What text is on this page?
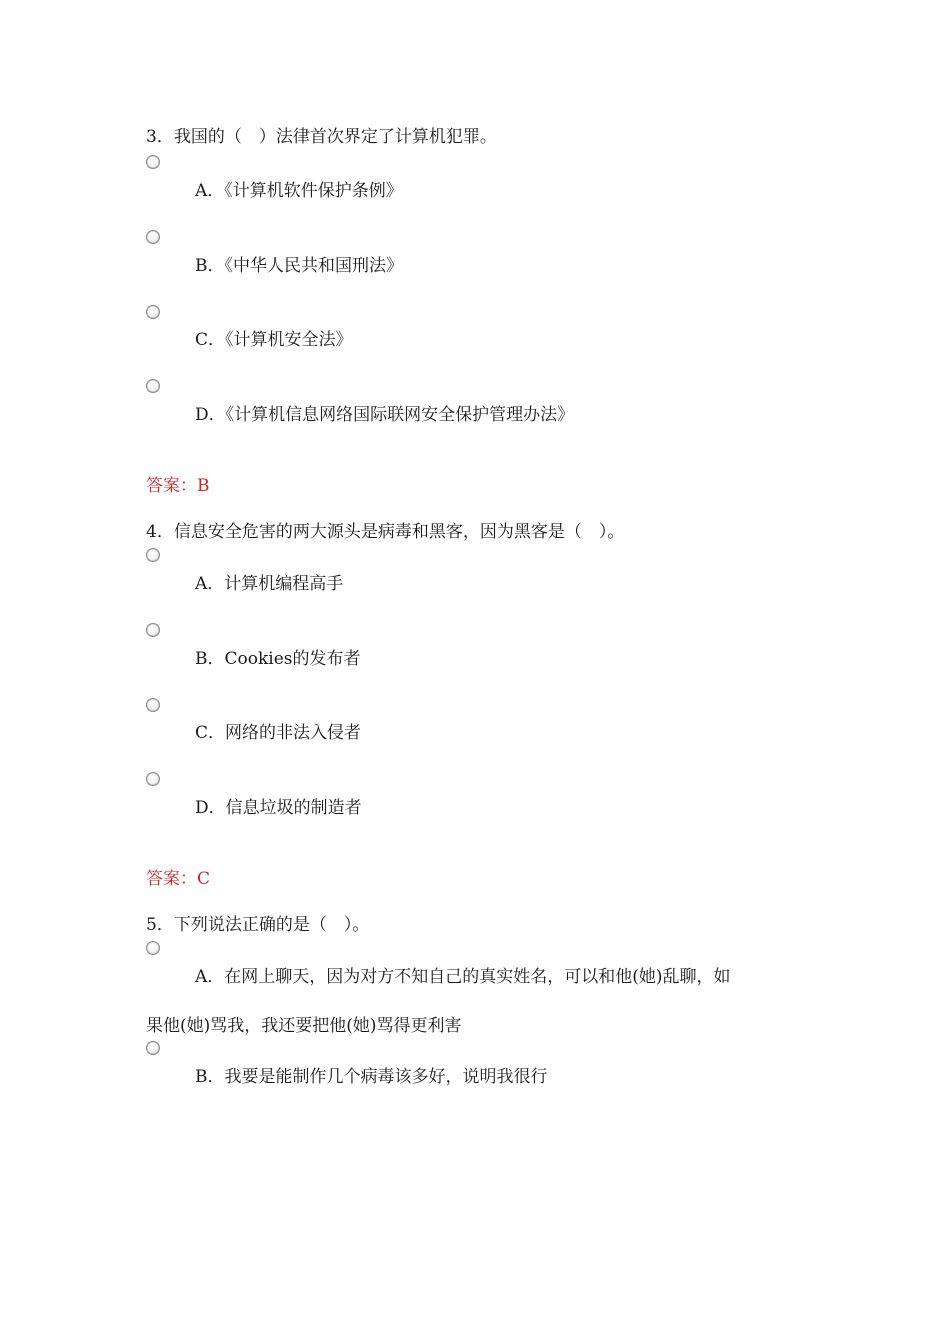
3．我国的（　）法律首次界定了计算机犯罪。
A．《计算机软件保护条例》
B．《中华人民共和国刑法》
C．《计算机安全法》
D．《计算机信息网络国际联网安全保护管理办法》
答案：B
4．信息安全危害的两大源头是病毒和黑客，因为黑客是（　）。
A．计算机编程高手
B．Cookies的发布者
C．网络的非法入侵者
D．信息垃圾的制造者
答案：C
5．下列说法正确的是（　）。
A．在网上聊天，因为对方不知自己的真实姓名，可以和他(她)乱聊，如
果他(她)骂我，我还要把他(她)骂得更利害
B．我要是能制作几个病毒该多好，说明我很行
